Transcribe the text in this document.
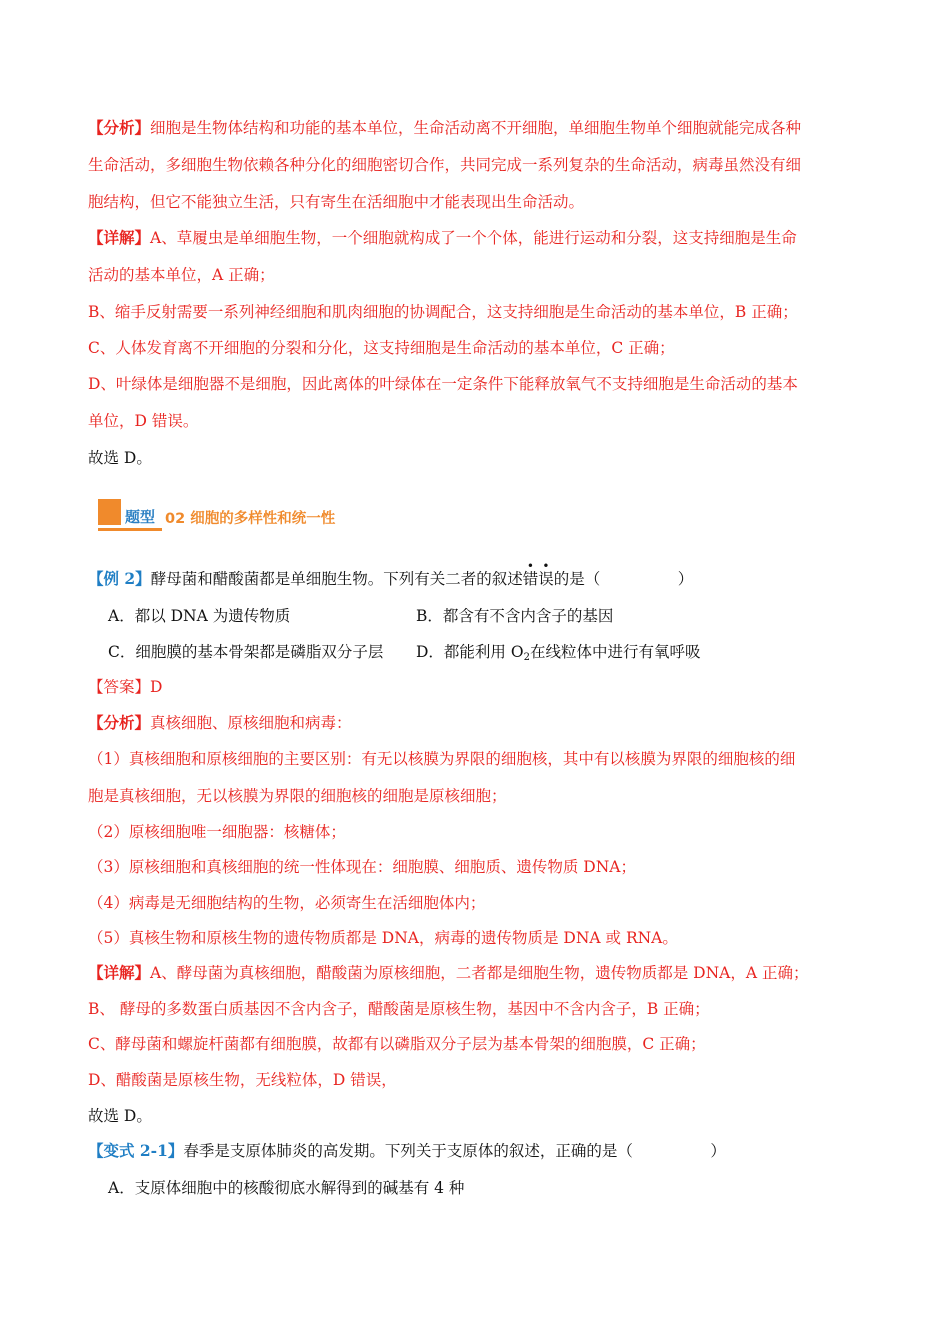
【分析】细胞是生物体结构和功能的基本单位，生命活动离不开细胞，单细胞生物单个细胞就能完成各种
生命活动，多细胞生物依赖各种分化的细胞密切合作，共同完成一系列复杂的生命活动，病毒虽然没有细
胞结构，但它不能独立生活，只有寄生在活细胞中才能表现出生命活动。
【详解】A、草履虫是单细胞生物，一个细胞就构成了一个个体，能进行运动和分裂，这支持细胞是生命
活动的基本单位，A 正确；
B、缩手反射需要一系列神经细胞和肌肉细胞的协调配合，这支持细胞是生命活动的基本单位，B 正确；
C、人体发育离不开细胞的分裂和分化，这支持细胞是生命活动的基本单位，C 正确；
D、叶绿体是细胞器不是细胞，因此离体的叶绿体在一定条件下能释放氧气不支持细胞是生命活动的基本
单位，D 错误。
故选 D。
题型 02 细胞的多样性和统一性
【例 2】酵母菌和醋酸菌都是单细胞生物。下列有关二者的叙述
•
错
•
误的是（　　　　　）
A．都以 DNA 为遗传物质	B．都含有不含内含子的基因
C．细胞膜的基本骨架都是磷脂双分子层 D．都能利用 $O_2$在线粒体中进行有氧呼吸
【答案】D
【分析】真核细胞、原核细胞和病毒：
（1）真核细胞和原核细胞的主要区别：有无以核膜为界限的细胞核，其中有以核膜为界限的细胞核的细
胞是真核细胞，无以核膜为界限的细胞核的细胞是原核细胞；
（2）原核细胞唯一细胞器：核糖体；
（3）原核细胞和真核细胞的统一性体现在：细胞膜、细胞质、遗传物质 DNA；
（4）病毒是无细胞结构的生物，必须寄生在活细胞体内；
（5）真核生物和原核生物的遗传物质都是 DNA，病毒的遗传物质是 DNA 或 RNA。
【详解】A、酵母菌为真核细胞，醋酸菌为原核细胞，二者都是细胞生物，遗传物质都是 DNA，A 正确；
B、 酵母的多数蛋白质基因不含内含子，醋酸菌是原核生物，基因中不含内含子，B 正确；
C、酵母菌和螺旋杆菌都有细胞膜，故都有以磷脂双分子层为基本骨架的细胞膜，C 正确；
D、醋酸菌是原核生物，无线粒体，D 错误，
故选 D。
【变式 2-1】春季是支原体肺炎的高发期。下列关于支原体的叙述，正确的是（　　　　　）
A．支原体细胞中的核酸彻底水解得到的碱基有 4 种
